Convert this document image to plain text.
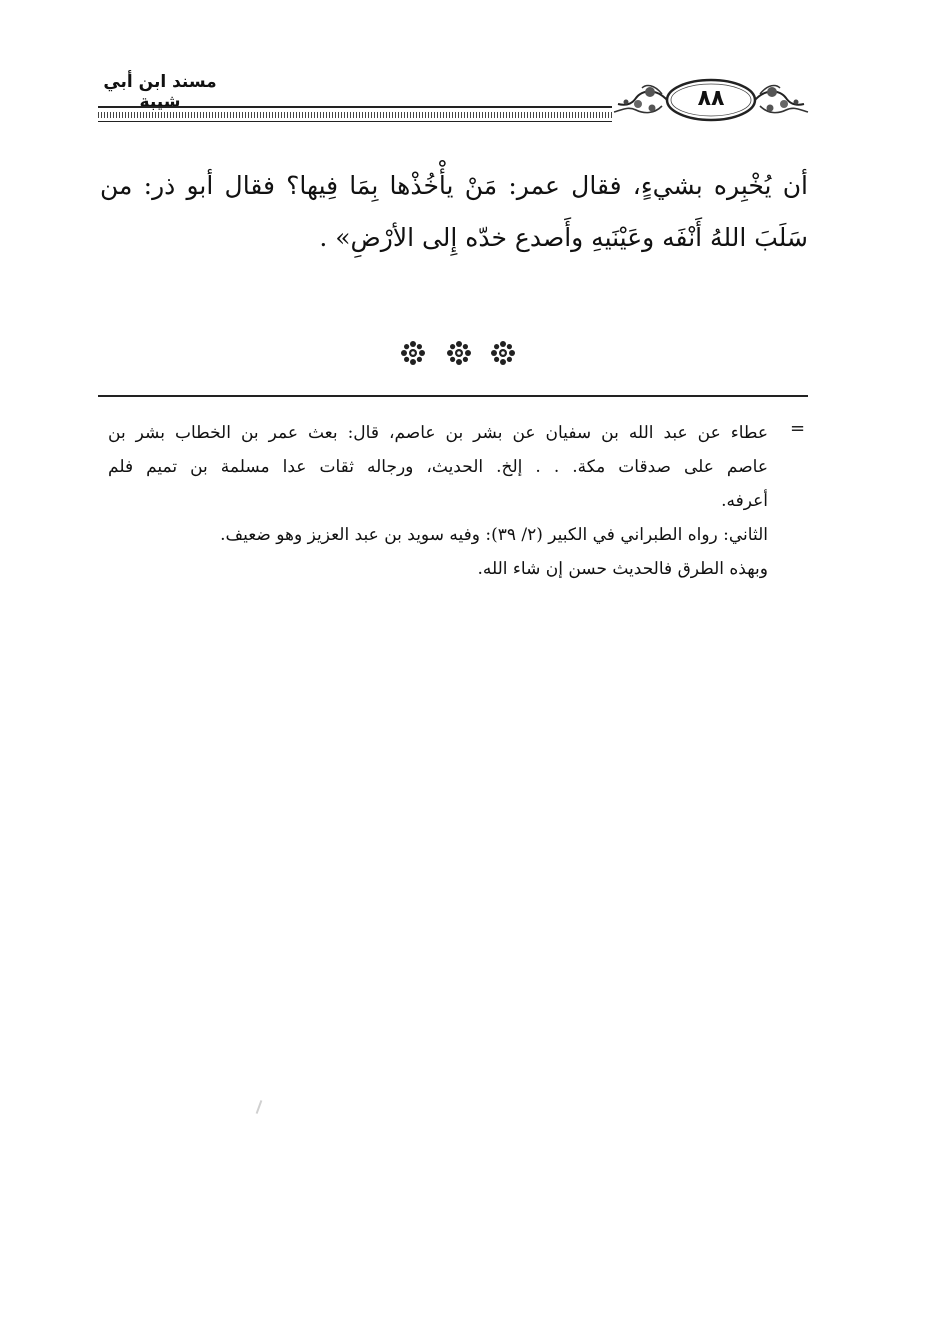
مسند ابن أبي شيبة	٨٨
أن يُخْبِره بشيءٍ، فقال عمر: مَنْ يأْخُذْها بِمَا فِيها؟ فقال أبو ذر: من
سَلَبَ اللهُ أَنْفَه وعَيْنَيهِ وأَصدع خدّه إِلى الأرْضِ» .
=
عطاء عن عبد الله بن سفيان عن بشر بن عاصم، قال: بعث عمر بن الخطاب بشر بن
عاصم على صدقات مكة. . . إلخ. الحديث، ورجاله ثقات عدا مسلمة بن تميم فلم
أعرفه.
الثاني: رواه الطبراني في الكبير (٢/ ٣٩): وفيه سويد بن عبد العزيز وهو ضعيف.
وبهذه الطرق فالحديث حسن إن شاء الله.
